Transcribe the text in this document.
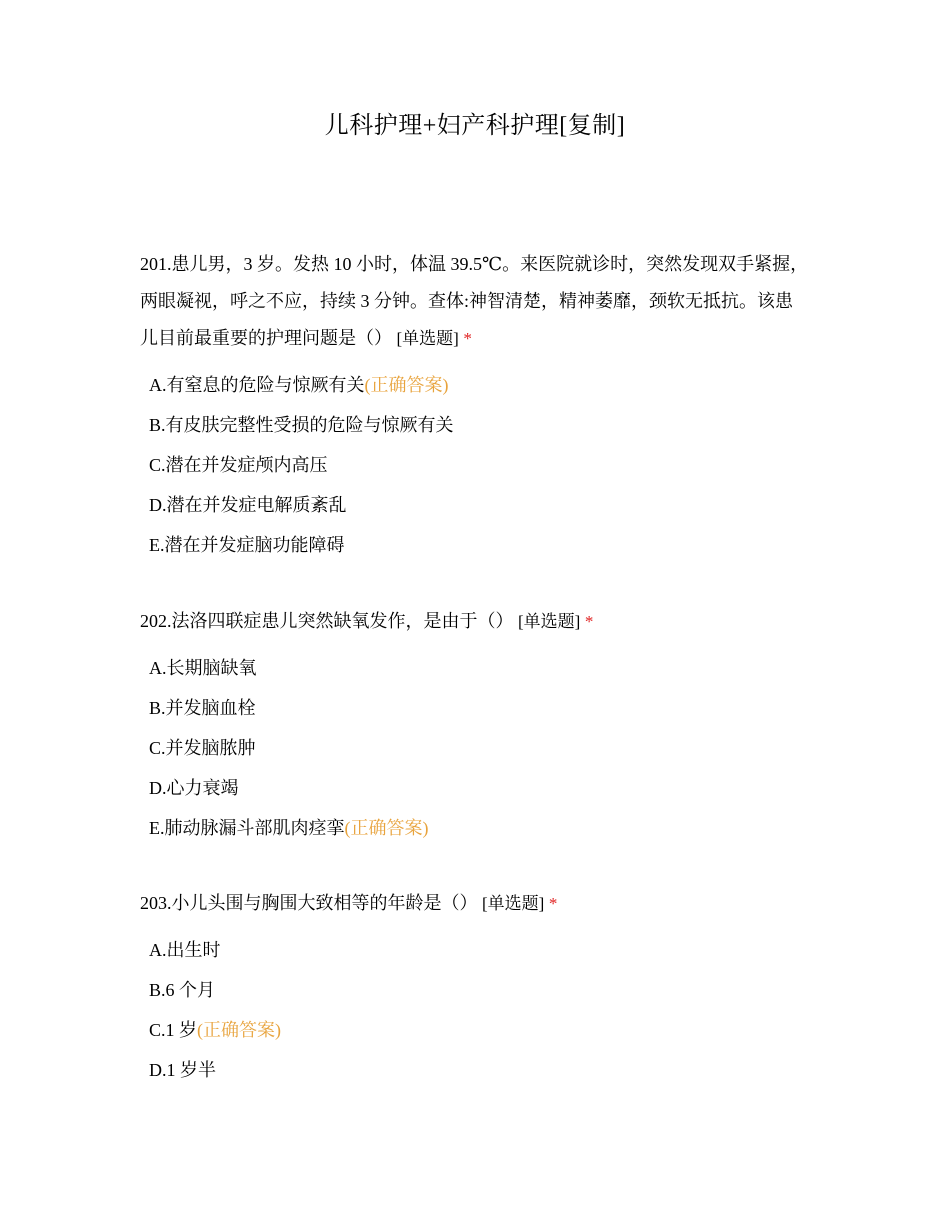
儿科护理+妇产科护理[复制]

201.患儿男，3 岁。发热 10 小时，体温 39.5℃。来医院就诊时，突然发现双手紧握，两眼凝视，呼之不应，持续 3 分钟。查体:神智清楚，精神萎靡，颈软无抵抗。该患儿目前最重要的护理问题是（） [单选题] *

A.有窒息的危险与惊厥有关(正确答案)
B.有皮肤完整性受损的危险与惊厥有关
C.潜在并发症颅内高压
D.潜在并发症电解质紊乱
E.潜在并发症脑功能障碍

202.法洛四联症患儿突然缺氧发作，是由于（） [单选题] *

A.长期脑缺氧
B.并发脑血栓
C.并发脑脓肿
D.心力衰竭
E.肺动脉漏斗部肌肉痉挛(正确答案)

203.小儿头围与胸围大致相等的年龄是（） [单选题] *

A.出生时
B.6 个月
C.1 岁(正确答案)
D.1 岁半
